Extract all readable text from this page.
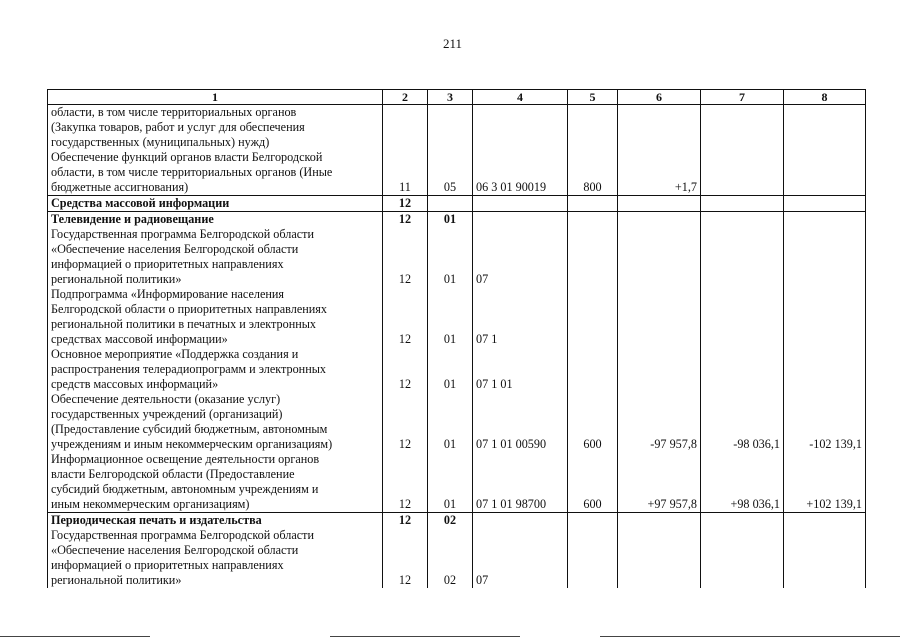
211
1	2	3	4	5	6	7	8

области, в том числе территориальных органов
(Закупка товаров, работ и услуг для обеспечения
государственных (муниципальных) нужд)							

Обеспечение функций органов власти Белгородской
области, в том числе территориальных органов (Иные
бюджетные ассигнования)	11	05	06 3 01 90019	800	+1,7		

Средства массовой информации	12						

Телевидение и радиовещание	12	01					

Государственная программа Белгородской области
«Обеспечение населения Белгородской области
информацией о приоритетных направлениях
региональной политики»	12	01	07				

Подпрограмма «Информирование населения
Белгородской области о приоритетных направлениях
региональной политики в печатных и электронных
средствах массовой информации»	12	01	07 1				

Основное мероприятие «Поддержка создания и
распространения телерадиопрограмм и электронных
средств массовых информаций»	12	01	07 1 01				

Обеспечение деятельности (оказание услуг)
государственных учреждений (организаций)
(Предоставление субсидий бюджетным, автономным
учреждениям и иным некоммерческим организациям)	12	01	07 1 01 00590	600	-97 957,8	-98 036,1	-102 139,1

Информационное освещение деятельности органов
власти Белгородской области (Предоставление
субсидий бюджетным, автономным учреждениям и
иным некоммерческим организациям)	12	01	07 1 01 98700	600	+97 957,8	+98 036,1	+102 139,1

Периодическая печать и издательства	12	02					

Государственная программа Белгородской области
«Обеспечение населения Белгородской области
информацией о приоритетных направлениях
региональной политики»	12	02	07				
